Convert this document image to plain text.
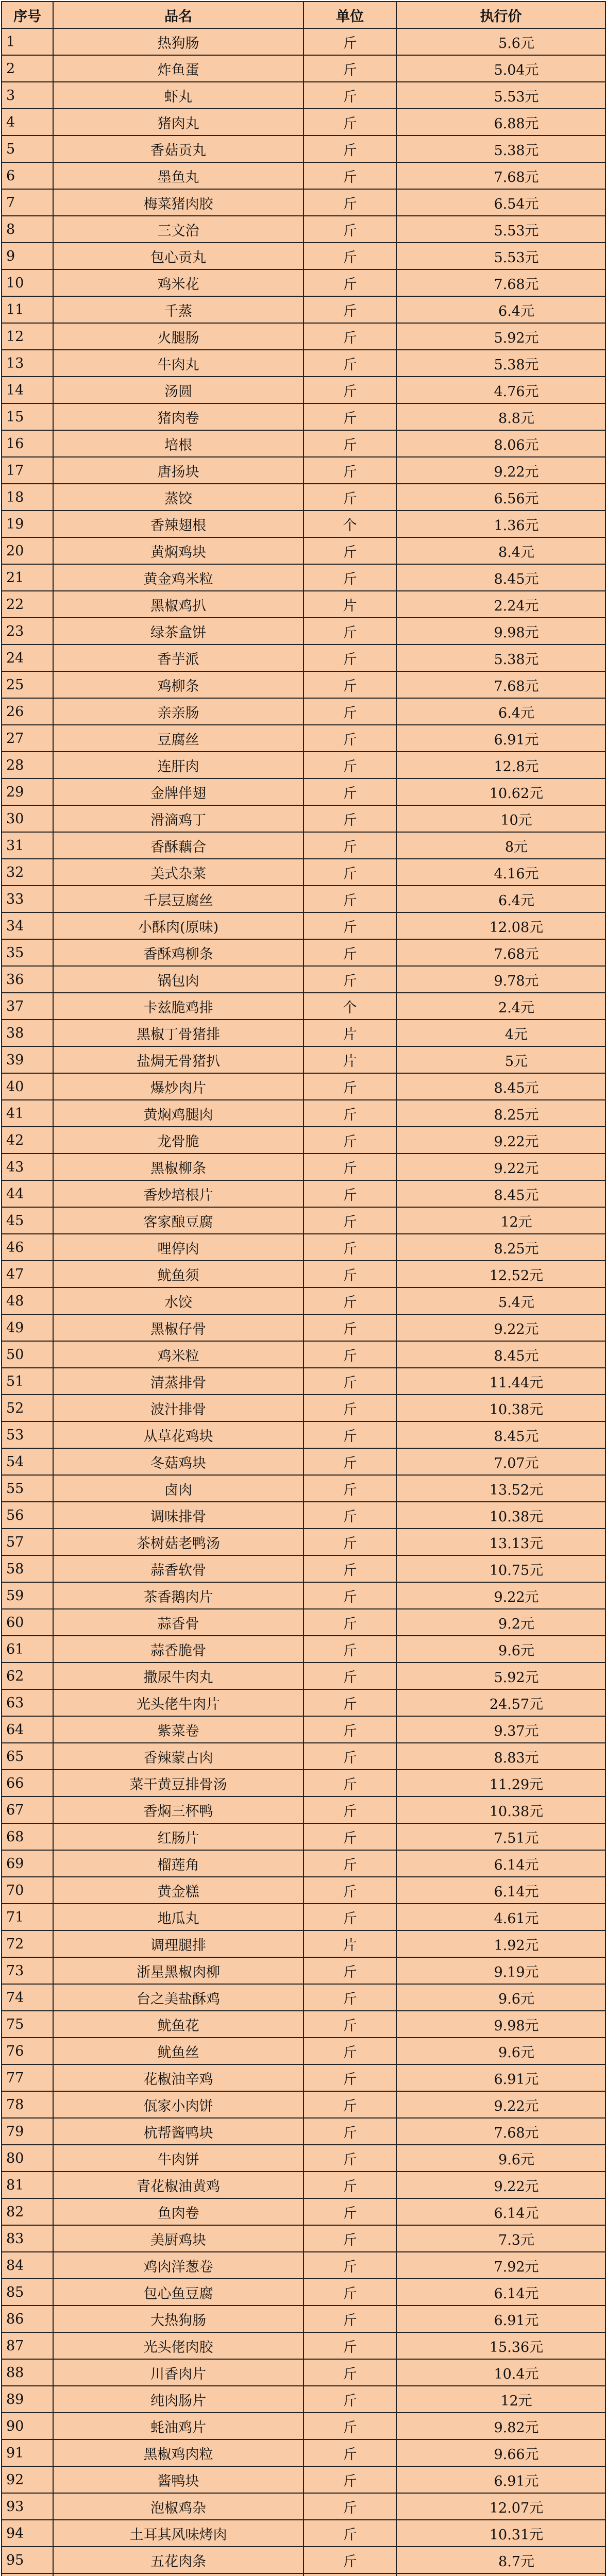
序号	品名	单位	执行价
1	热狗肠	斤	5.6元
2	炸鱼蛋	斤	5.04元
3	虾丸	斤	5.53元
4	猪肉丸	斤	6.88元
5	香菇贡丸	斤	5.38元
6	墨鱼丸	斤	7.68元
7	梅菜猪肉胶	斤	6.54元
8	三文治	斤	5.53元
9	包心贡丸	斤	5.53元
10	鸡米花	斤	7.68元
11	千蒸	斤	6.4元
12	火腿肠	斤	5.92元
13	牛肉丸	斤	5.38元
14	汤圆	斤	4.76元
15	猪肉卷	斤	8.8元
16	培根	斤	8.06元
17	唐扬块	斤	9.22元
18	蒸饺	斤	6.56元
19	香辣翅根	个	1.36元
20	黄焖鸡块	斤	8.4元
21	黄金鸡米粒	斤	8.45元
22	黑椒鸡扒	片	2.24元
23	绿茶盒饼	斤	9.98元
24	香芋派	斤	5.38元
25	鸡柳条	斤	7.68元
26	亲亲肠	斤	6.4元
27	豆腐丝	斤	6.91元
28	连肝肉	斤	12.8元
29	金牌伴翅	斤	10.62元
30	滑滴鸡丁	斤	10元
31	香酥藕合	斤	8元
32	美式杂菜	斤	4.16元
33	千层豆腐丝	斤	6.4元
34	小酥肉(原味)	斤	12.08元
35	香酥鸡柳条	斤	7.68元
36	锅包肉	斤	9.78元
37	卡兹脆鸡排	个	2.4元
38	黑椒丁骨猪排	片	4元
39	盐焗无骨猪扒	片	5元
40	爆炒肉片	斤	8.45元
41	黄焖鸡腿肉	斤	8.25元
42	龙骨脆	斤	9.22元
43	黑椒柳条	斤	9.22元
44	香炒培根片	斤	8.45元
45	客家酿豆腐	斤	12元
46	哩停肉	斤	8.25元
47	鱿鱼须	斤	12.52元
48	水饺	斤	5.4元
49	黑椒仔骨	斤	9.22元
50	鸡米粒	斤	8.45元
51	清蒸排骨	斤	11.44元
52	波汁排骨	斤	10.38元
53	从草花鸡块	斤	8.45元
54	冬菇鸡块	斤	7.07元
55	卤肉	斤	13.52元
56	调味排骨	斤	10.38元
57	茶树菇老鸭汤	斤	13.13元
58	蒜香软骨	斤	10.75元
59	茶香鹅肉片	斤	9.22元
60	蒜香骨	斤	9.2元
61	蒜香脆骨	斤	9.6元
62	撒尿牛肉丸	斤	5.92元
63	光头佬牛肉片	斤	24.57元
64	紫菜卷	斤	9.37元
65	香辣蒙古肉	斤	8.83元
66	菜干黄豆排骨汤	斤	11.29元
67	香焖三杯鸭	斤	10.38元
68	红肠片	斤	7.51元
69	榴莲角	斤	6.14元
70	黄金糕	斤	6.14元
71	地瓜丸	斤	4.61元
72	调理腿排	片	1.92元
73	浙星黑椒肉柳	斤	9.19元
74	台之美盐酥鸡	斤	9.6元
75	鱿鱼花	斤	9.98元
76	鱿鱼丝	斤	9.6元
77	花椒油辛鸡	斤	6.91元
78	佤家小肉饼	斤	9.22元
79	杭帮酱鸭块	斤	7.68元
80	牛肉饼	斤	9.6元
81	青花椒油黄鸡	斤	9.22元
82	鱼肉卷	斤	6.14元
83	美厨鸡块	斤	7.3元
84	鸡肉洋葱卷	斤	7.92元
85	包心鱼豆腐	斤	6.14元
86	大热狗肠	斤	6.91元
87	光头佬肉胶	斤	15.36元
88	川香肉片	斤	10.4元
89	纯肉肠片	斤	12元
90	蚝油鸡片	斤	9.82元
91	黑椒鸡肉粒	斤	9.66元
92	酱鸭块	斤	6.91元
93	泡椒鸡杂	斤	12.07元
94	土耳其风味烤肉	斤	10.31元
95	五花肉条	斤	8.7元
